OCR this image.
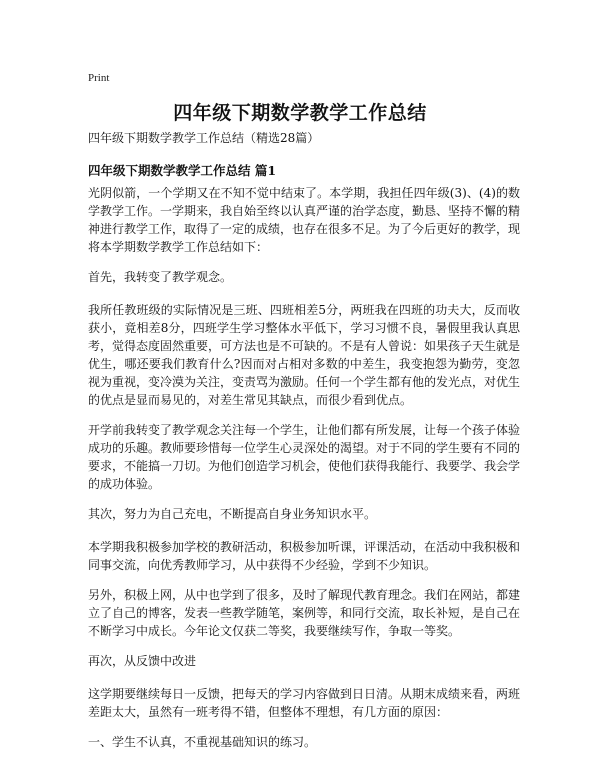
Print
四年级下期数学教学工作总结

四年级下期数学教学工作总结（精选28篇）

四年级下期数学教学工作总结 篇1

光阴似箭，一个学期又在不知不觉中结束了。本学期，我担任四年级(3)、(4)的数学教学工作。一学期来，我自始至终以认真严谨的治学态度，勤恳、坚持不懈的精神进行教学工作，取得了一定的成绩，也存在很多不足。为了今后更好的教学，现将本学期数学教学工作总结如下：

首先，我转变了教学观念。

我所任教班级的实际情况是三班、四班相差5分，两班我在四班的功夫大，反而收获小，竟相差8分，四班学生学习整体水平低下，学习习惯不良，暑假里我认真思考，觉得态度固然重要，可方法也是不可缺的。不是有人曾说：如果孩子天生就是优生，哪还要我们教育什么?因而对占相对多数的中差生，我变抱怨为勤劳，变忽视为重视，变冷漠为关注，变责骂为激励。任何一个学生都有他的发光点，对优生的优点是显而易见的，对差生常见其缺点，而很少看到优点。

开学前我转变了教学观念关注每一个学生，让他们都有所发展，让每一个孩子体验成功的乐趣。教师要珍惜每一位学生心灵深处的渴望。对于不同的学生要有不同的要求，不能搞一刀切。为他们创造学习机会，使他们获得我能行、我要学、我会学的成功体验。

其次，努力为自己充电，不断提高自身业务知识水平。

本学期我积极参加学校的教研活动，积极参加听课，评课活动，在活动中我积极和同事交流，向优秀教师学习，从中获得不少经验，学到不少知识。

另外，积极上网，从中也学到了很多，及时了解现代教育理念。我们在网站，都建立了自己的博客，发表一些教学随笔，案例等，和同行交流，取长补短，是自己在不断学习中成长。今年论文仅获二等奖，我要继续写作，争取一等奖。

再次，从反馈中改进

这学期要继续每日一反馈，把每天的学习内容做到日日清。从期末成绩来看，两班差距太大，虽然有一班考得不错，但整体不理想，有几方面的原因：

一、学生不认真，不重视基础知识的练习。
